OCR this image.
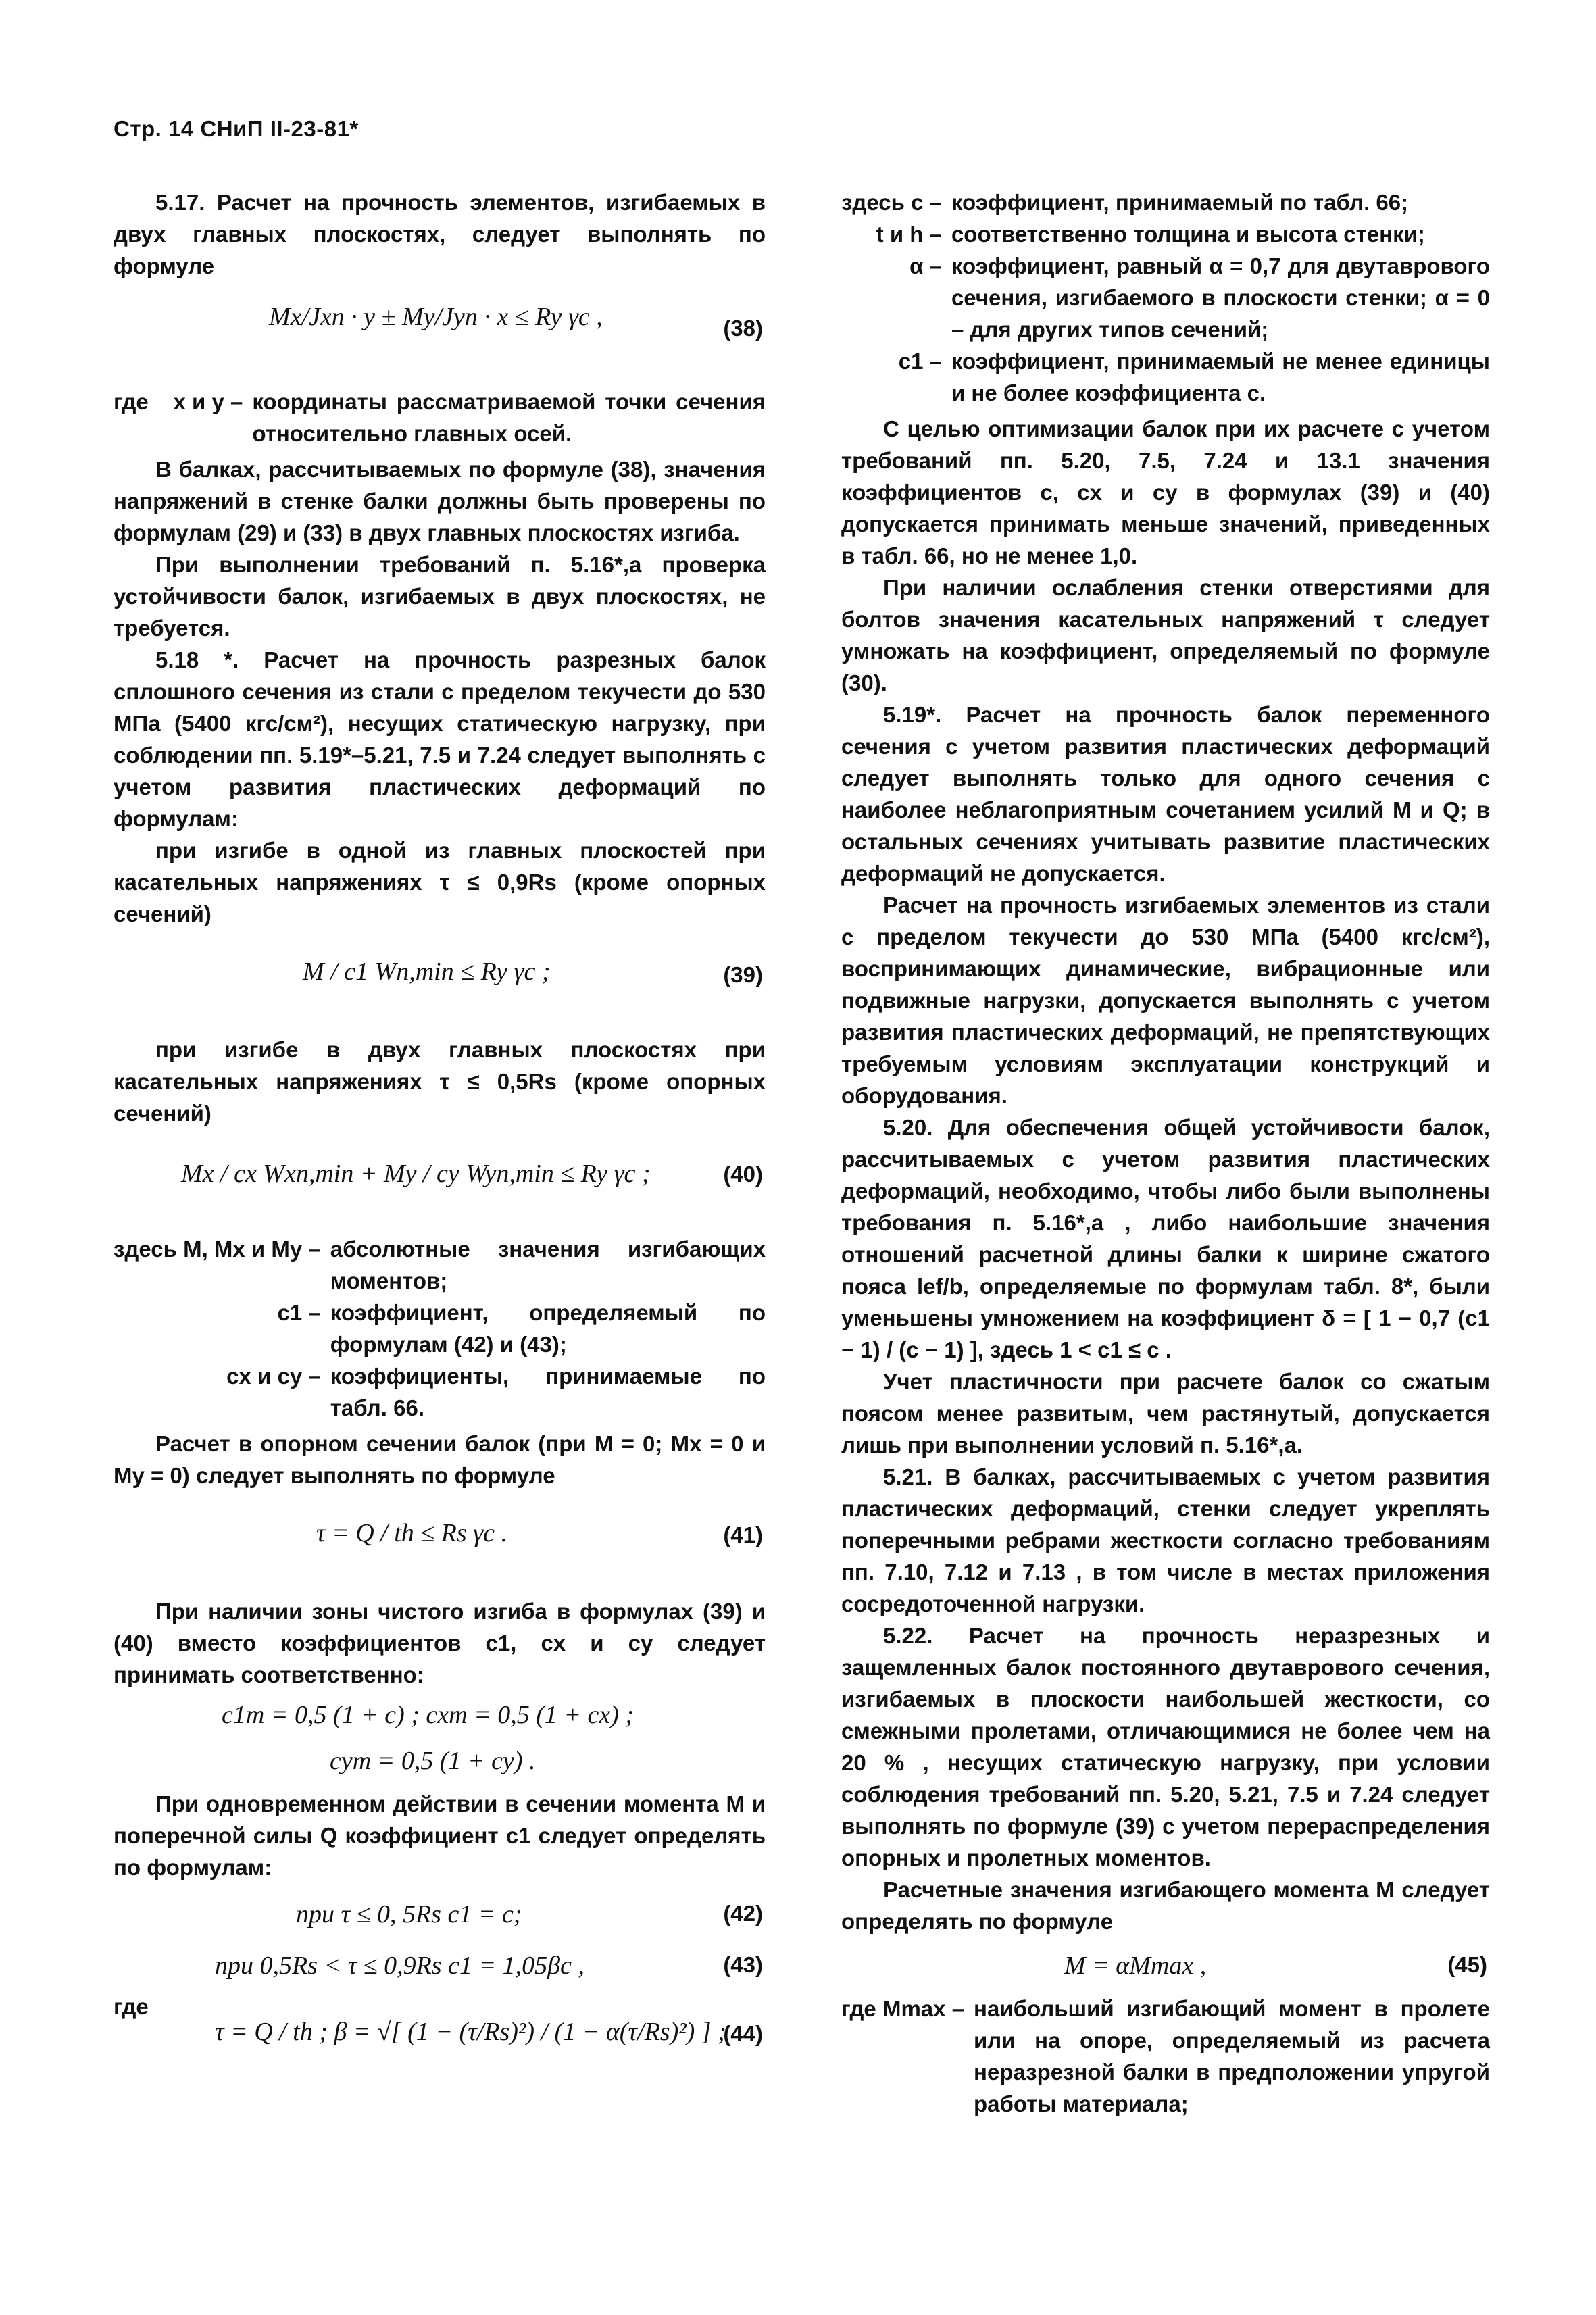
Стр. 14 СНиП II-23-81*

5.17. Расчет на прочность элементов, изгибаемых в двух главных плоскостях, следует выполнять по формуле

Mx/Jxn · y ± My/Jyn · x ≤ Ry γc ,	(38)
где x и y – координаты рассматриваемой точки сечения относительно главных осей.

В балках, рассчитываемых по формуле (38), значения напряжений в стенке балки должны быть проверены по формулам (29) и (33) в двух главных плоскостях изгиба.

При выполнении требований п. 5.16*,а проверка устойчивости балок, изгибаемых в двух плоскостях, не требуется.

5.18 *. Расчет на прочность разрезных балок сплошного сечения из стали с пределом текучести до 530 МПа (5400 кгс/см²), несущих статическую нагрузку, при соблюдении пп. 5.19*–5.21, 7.5 и 7.24 следует выполнять с учетом развития пластических деформаций по формулам:

при изгибе в одной из главных плоскостей при касательных напряжениях τ ≤ 0,9Rs (кроме опорных сечений)

M / c1 Wn,min ≤ Ry γc ;	(39)

при изгибе в двух главных плоскостях при касательных напряжениях τ ≤ 0,5Rs (кроме опорных сечений)

Mx / cx Wxn,min + My / cy Wyn,min ≤ Ry γc ;	(40)
здесь M, Mx и My – абсолютные значения изгибающих моментов;
c1 – коэффициент, определяемый по формулам (42) и (43);
cx и cy – коэффициенты, принимаемые по табл. 66.

Расчет в опорном сечении балок (при M = 0; Mx = 0 и My = 0) следует выполнять по формуле

τ = Q / th ≤ Rs γc .	(41)

При наличии зоны чистого изгиба в формулах (39) и (40) вместо коэффициентов c1, cx и cy следует принимать соответственно:

c1m = 0,5 (1 + c) ; cxm = 0,5 (1 + cx) ;
cym = 0,5 (1 + cy) .

При одновременном действии в сечении момента M и поперечной силы Q коэффициент c1 следует определять по формулам:

при τ ≤ 0, 5Rs c1 = c;	(42)
при 0,5Rs < τ ≤ 0,9Rs c1 = 1,05βc ,	(43)
где
τ = Q / th ; β = √[ (1 − (τ/Rs)²) / (1 − α(τ/Rs)²) ] ;
(44)
здесь c – коэффициент, принимаемый по табл. 66;
t и h – соответственно толщина и высота стенки;
α – коэффициент, равный α = 0,7 для двутаврового сечения, изгибаемого в плоскости стенки; α = 0 – для других типов сечений;
c1 – коэффициент, принимаемый не менее единицы и не более коэффициента c.

С целью оптимизации балок при их расчете с учетом требований пп. 5.20, 7.5, 7.24 и 13.1 значения коэффициентов c, cx и cy в формулах (39) и (40) допускается принимать меньше значений, приведенных в табл. 66, но не менее 1,0.

При наличии ослабления стенки отверстиями для болтов значения касательных напряжений τ следует умножать на коэффициент, определяемый по формуле (30).

5.19*. Расчет на прочность балок переменного сечения с учетом развития пластических деформаций следует выполнять только для одного сечения с наиболее неблагоприятным сочетанием усилий M и Q; в остальных сечениях учитывать развитие пластических деформаций не допускается.

Расчет на прочность изгибаемых элементов из стали с пределом текучести до 530 МПа (5400 кгс/см²), воспринимающих динамические, вибрационные или подвижные нагрузки, допускается выполнять с учетом развития пластических деформаций, не препятствующих требуемым условиям эксплуатации конструкций и оборудования.

5.20. Для обеспечения общей устойчивости балок, рассчитываемых с учетом развития пластических деформаций, необходимо, чтобы либо были выполнены требования п. 5.16*,а , либо наибольшие значения отношений расчетной длины балки к ширине сжатого пояса lef/b, определяемые по формулам табл. 8*, были уменьшены умножением на коэффициент δ = [ 1 − 0,7 (c1 − 1) / (c − 1) ], здесь 1 < c1 ≤ c .

Учет пластичности при расчете балок со сжатым поясом менее развитым, чем растянутый, допускается лишь при выполнении условий п. 5.16*,а.

5.21. В балках, рассчитываемых с учетом развития пластических деформаций, стенки следует укреплять поперечными ребрами жесткости согласно требованиям пп. 7.10, 7.12 и 7.13 , в том числе в местах приложения сосредоточенной нагрузки.

5.22. Расчет на прочность неразрезных и защемленных балок постоянного двутаврового сечения, изгибаемых в плоскости наибольшей жесткости, со смежными пролетами, отличающимися не более чем на 20 % , несущих статическую нагрузку, при условии соблюдения требований пп. 5.20, 5.21, 7.5 и 7.24 следует выполнять по формуле (39) с учетом перераспределения опорных и пролетных моментов.

Расчетные значения изгибающего момента M следует определять по формуле

M = αMmax ,	(45)
где Mmax – наибольший изгибающий момент в пролете или на опоре, определяемый из расчета неразрезной балки в предположении упругой работы материала;
